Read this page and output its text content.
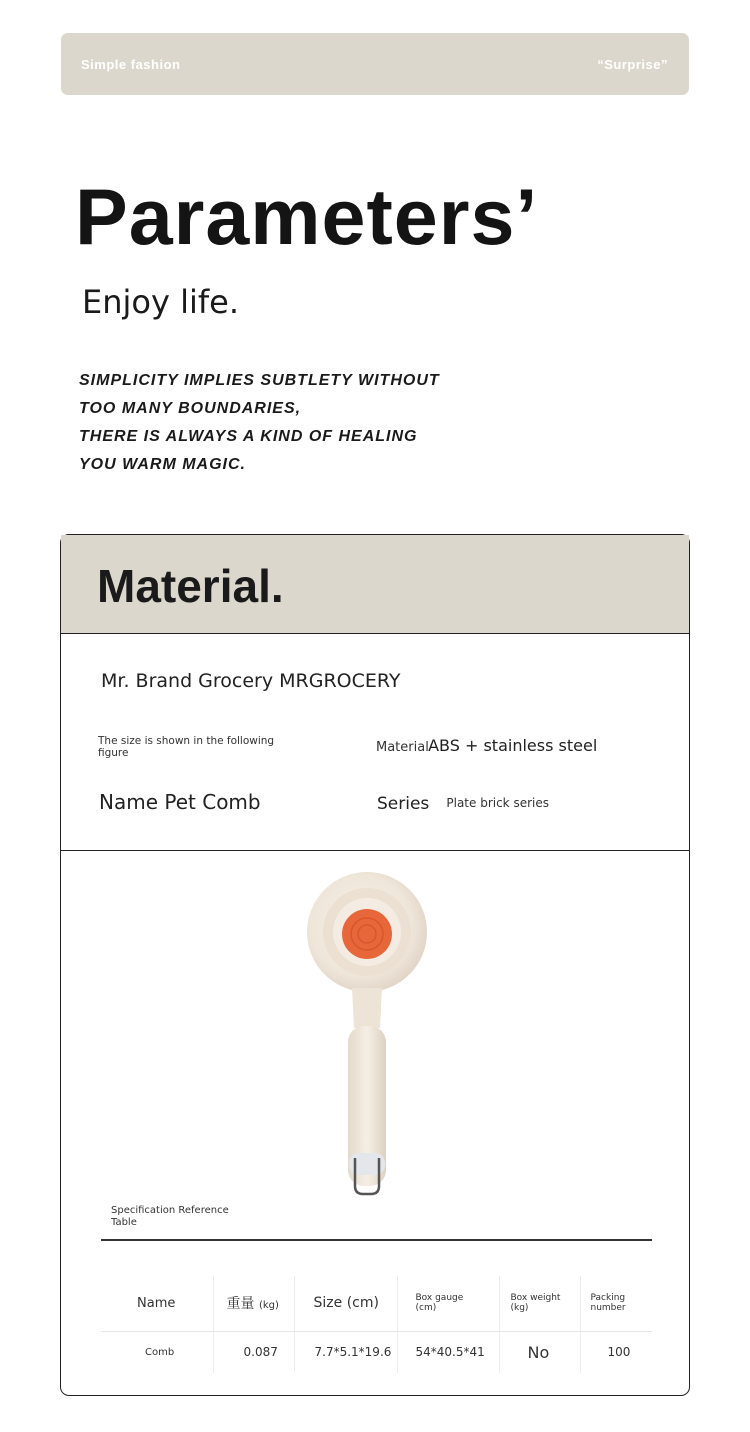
Simple fashion	“Surprise”
Parameters’
Enjoy life.
SIMPLICITY IMPLIES SUBTLETY WITHOUT
TOO MANY BOUNDARIES,
THERE IS ALWAYS A KIND OF HEALING
YOU WARM MAGIC.
Material.
Mr. Brand Grocery MRGROCERY
The size is shown in the following figure	Material ABS + stainless steel
Name Pet Comb	Series Plate brick series
Specification Reference Table
Name	重量 (kg)	Size (cm)	Box gauge (cm)	Box weight (kg)	Packing number
Comb	0.087	7.7*5.1*19.6	54*40.5*41	No	100
